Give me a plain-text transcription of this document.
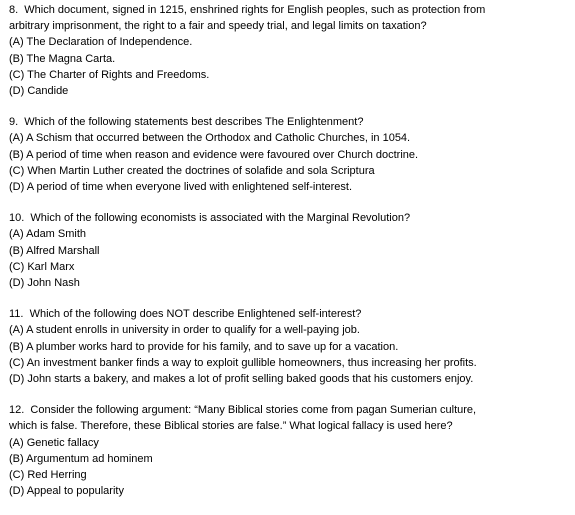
8.  Which document, signed in 1215, enshrined rights for English peoples, such as protection from
arbitrary imprisonment, the right to a fair and speedy trial, and legal limits on taxation?
(A) The Declaration of Independence.
(B) The Magna Carta.
(C) The Charter of Rights and Freedoms.
(D) Candide
9.  Which of the following statements best describes The Enlightenment?
(A) A Schism that occurred between the Orthodox and Catholic Churches, in 1054.
(B) A period of time when reason and evidence were favoured over Church doctrine.
(C) When Martin Luther created the doctrines of solafide and sola Scriptura
(D) A period of time when everyone lived with enlightened self-interest.
10.  Which of the following economists is associated with the Marginal Revolution?
(A) Adam Smith
(B) Alfred Marshall
(C) Karl Marx
(D) John Nash
11.  Which of the following does NOT describe Enlightened self-interest?
(A) A student enrolls in university in order to qualify for a well-paying job.
(B) A plumber works hard to provide for his family, and to save up for a vacation.
(C) An investment banker finds a way to exploit gullible homeowners, thus increasing her profits.
(D) John starts a bakery, and makes a lot of profit selling baked goods that his customers enjoy.
12.  Consider the following argument: “Many Biblical stories come from pagan Sumerian culture,
which is false. Therefore, these Biblical stories are false.” What logical fallacy is used here?
(A) Genetic fallacy
(B) Argumentum ad hominem
(C) Red Herring
(D) Appeal to popularity
